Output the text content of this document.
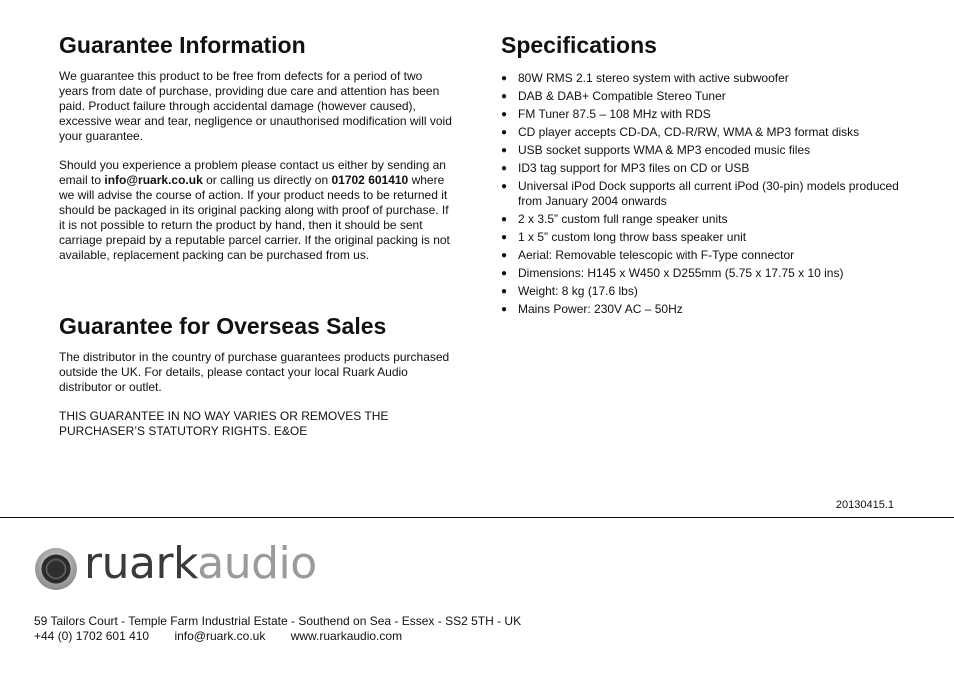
Guarantee Information

We guarantee this product to be free from defects for a period of two years from date of purchase, providing due care and attention has been paid. Product failure through accidental damage (however caused), excessive wear and tear, negligence or unauthorised modification will void your guarantee.

Should you experience a problem please contact us either by sending an email to info@ruark.co.uk or calling us directly on 01702 601410 where we will advise the course of action. If your product needs to be returned it should be packaged in its original packing along with proof of purchase. If it is not possible to return the product by hand, then it should be sent carriage prepaid by a reputable parcel carrier. If the original packing is not available, replacement packing can be purchased from us.

Guarantee for Overseas Sales

The distributor in the country of purchase guarantees products purchased outside the UK. For details, please contact your local Ruark Audio distributor or outlet.

THIS GUARANTEE IN NO WAY VARIES OR REMOVES THE PURCHASER’S STATUTORY RIGHTS. E&OE

Specifications
● 80W RMS 2.1 stereo system with active subwoofer
● DAB & DAB+ Compatible Stereo Tuner
● FM Tuner 87.5 – 108 MHz with RDS
● CD player accepts CD-DA, CD-R/RW, WMA & MP3 format disks
● USB socket supports WMA & MP3 encoded music files
● ID3 tag support for MP3 files on CD or USB
● Universal iPod Dock supports all current iPod (30-pin) models produced from January 2004 onwards
● 2 x 3.5” custom full range speaker units
● 1 x 5” custom long throw bass speaker unit
● Aerial: Removable telescopic with F-Type connector
● Dimensions: H145 x W450 x D255mm (5.75 x 17.75 x 10 ins)
● Weight: 8 kg (17.6 lbs)
● Mains Power: 230V AC – 50Hz
20130415.1
ruarkaudio
59 Tailors Court - Temple Farm Industrial Estate - Southend on Sea - Essex - SS2 5TH - UK
+44 (0) 1702 601 410 info@ruark.co.uk www.ruarkaudio.com
